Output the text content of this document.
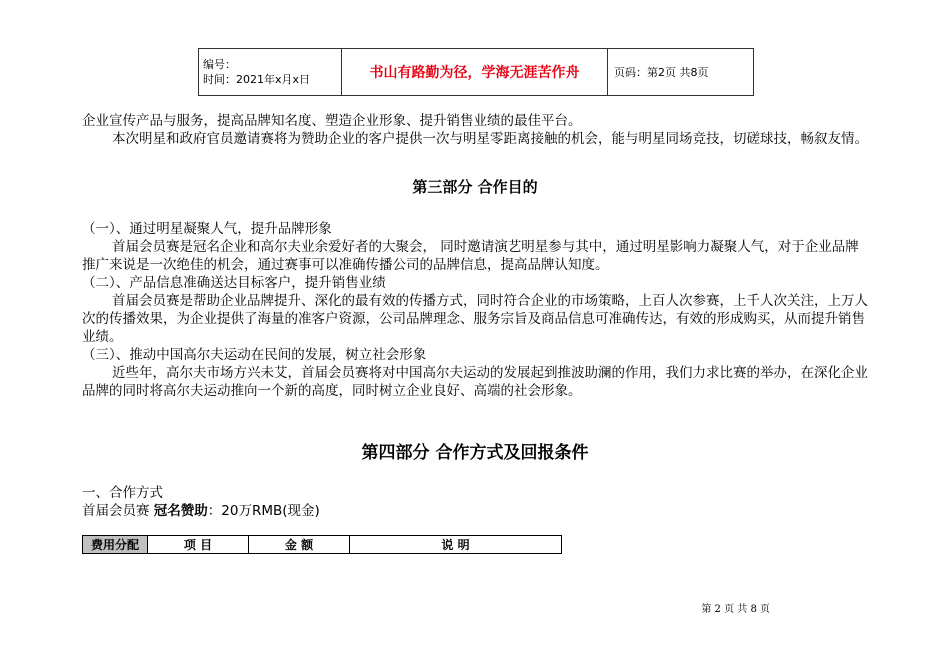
编号：
时间：2021年x月x日	书山有路勤为径，学海无涯苦作舟	页码：第2页 共8页

企业宣传产品与服务，提高品牌知名度、塑造企业形象、提升销售业绩的最佳平台。

本次明星和政府官员邀请赛将为赞助企业的客户提供一次与明星零距离接触的机会，能与明星同场竞技，切磋球技，畅叙友情。

第三部分 合作目的

（一）、通过明星凝聚人气，提升品牌形象

首届会员赛是冠名企业和高尔夫业余爱好者的大聚会， 同时邀请演艺明星参与其中，通过明星影响力凝聚人气，对于企业品牌推广来说是一次绝佳的机会，通过赛事可以准确传播公司的品牌信息，提高品牌认知度。

（二）、产品信息准确送达目标客户，提升销售业绩

首届会员赛是帮助企业品牌提升、深化的最有效的传播方式，同时符合企业的市场策略，上百人次参赛，上千人次关注，上万人次的传播效果，为企业提供了海量的准客户资源，公司品牌理念、服务宗旨及商品信息可准确传达，有效的形成购买，从而提升销售业绩。

（三）、推动中国高尔夫运动在民间的发展，树立社会形象

近些年，高尔夫市场方兴未艾，首届会员赛将对中国高尔夫运动的发展起到推波助澜的作用，我们力求比赛的举办，在深化企业品牌的同时将高尔夫运动推向一个新的高度，同时树立企业良好、高端的社会形象。

第四部分 合作方式及回报条件

一、合作方式

首届会员赛 冠名赞助：20万RMB(现金)

费用分配	项 目	金 额	说 明
第 2 页 共 8 页
